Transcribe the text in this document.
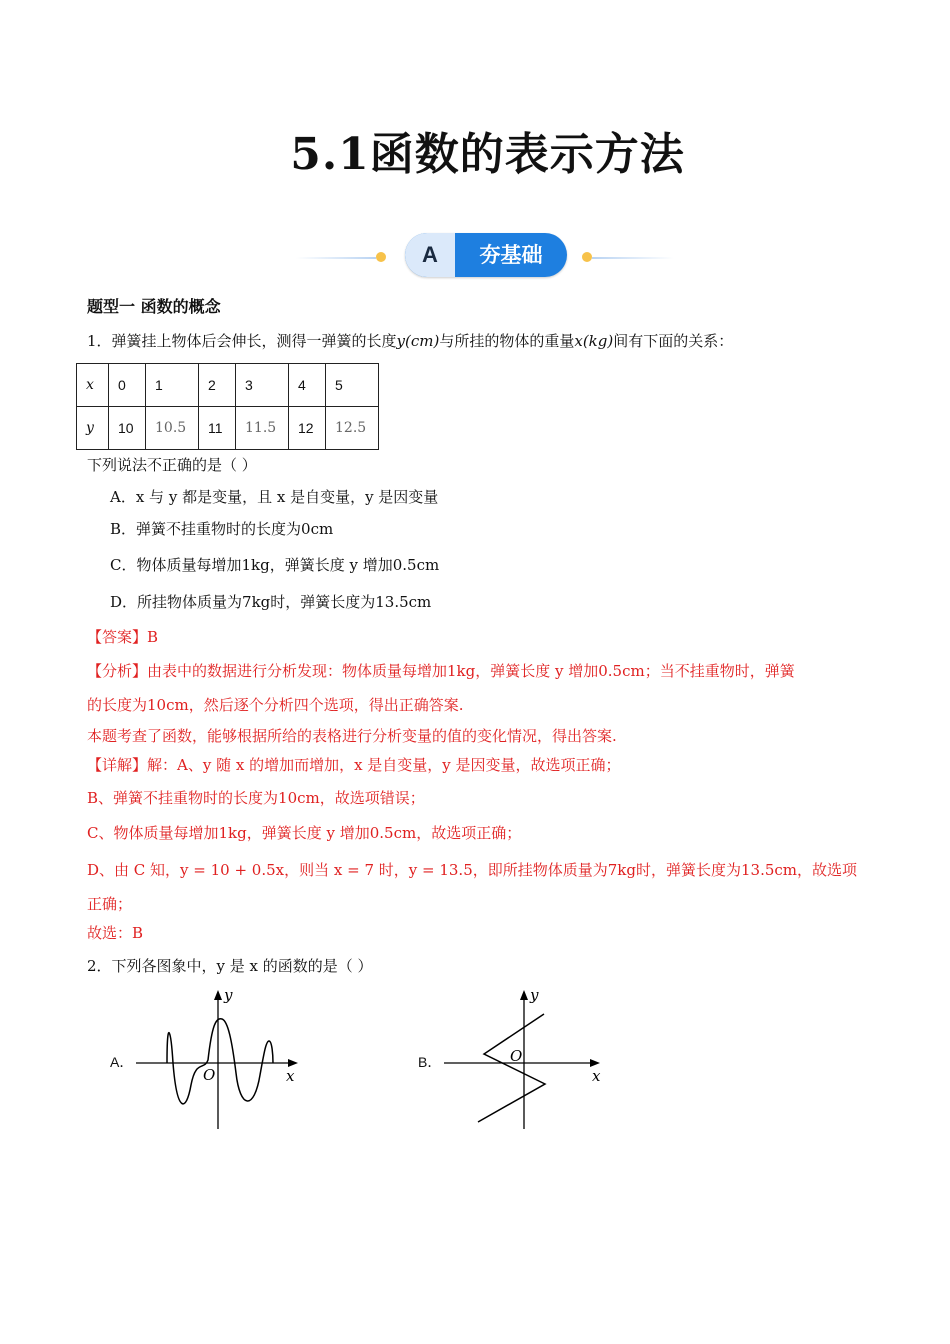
5.1函数的表示方法
A	夯基础
题型一 函数的概念
1．弹簧挂上物体后会伸长，测得一弹簧的长度y(cm)与所挂的物体的重量x(kg)间有下面的关系：
x	0	1	2	3	4	5
y	10	10.5	11	11.5	12	12.5
下列说法不正确的是（ ）
A．x 与 y 都是变量，且 x 是自变量，y 是因变量
B．弹簧不挂重物时的长度为0cm
C．物体质量每增加1kg，弹簧长度 y 增加0.5cm
D．所挂物体质量为7kg时，弹簧长度为13.5cm
【答案】B
【分析】由表中的数据进行分析发现：物体质量每增加1kg，弹簧长度 y 增加0.5cm；当不挂重物时，弹簧
的长度为10cm，然后逐个分析四个选项，得出正确答案.
本题考查了函数，能够根据所给的表格进行分析变量的值的变化情况，得出答案.
【详解】解：A、y 随 x 的增加而增加，x 是自变量，y 是因变量，故选项正确；
B、弹簧不挂重物时的长度为10cm，故选项错误；
C、物体质量每增加1kg，弹簧长度 y 增加0.5cm，故选项正确；
D、由 C 知，y = 10 + 0.5x，则当 x = 7 时，y = 13.5，即所挂物体质量为7kg时，弹簧长度为13.5cm，故选项
正确；
故选：B
2．下列各图象中，y 是 x 的函数的是（ ）
A．
y
x
O
B．
y
x
O
